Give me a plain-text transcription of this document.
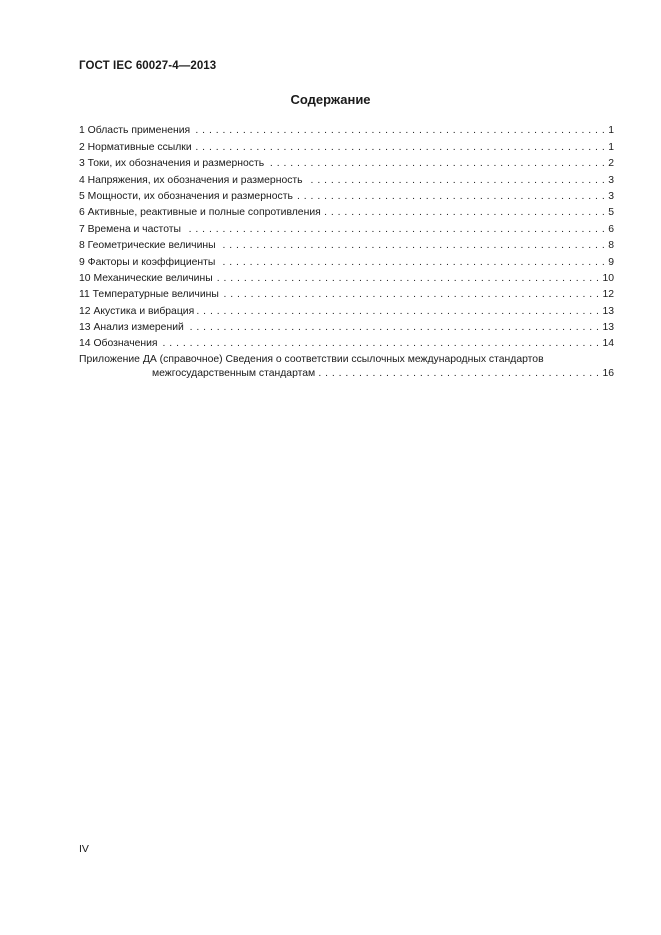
ГОСТ IEC 60027-4—2013
Содержание
1 Область применения . . .	1
2 Нормативные ссылки . . .	1
3 Токи, их обозначения и размерность . . .	2
4 Напряжения, их обозначения и размерность . . .	3
5 Мощности, их обозначения и размерность . . .	3
6 Активные, реактивные и полные сопротивления . . .	5
7 Времена и частоты . . .	6
8 Геометрические величины . . .	8
9 Факторы и коэффициенты . . .	9
10 Механические величины . . .	10
11 Температурные величины . . .	12
12 Акустика и вибрация . . .	13
13 Анализ измерений . . .	13
14 Обозначения . . .	14
Приложение ДА (справочное) Сведения о соответствии ссылочных международных стандартов
межгосударственным стандартам . . .	16
IV
